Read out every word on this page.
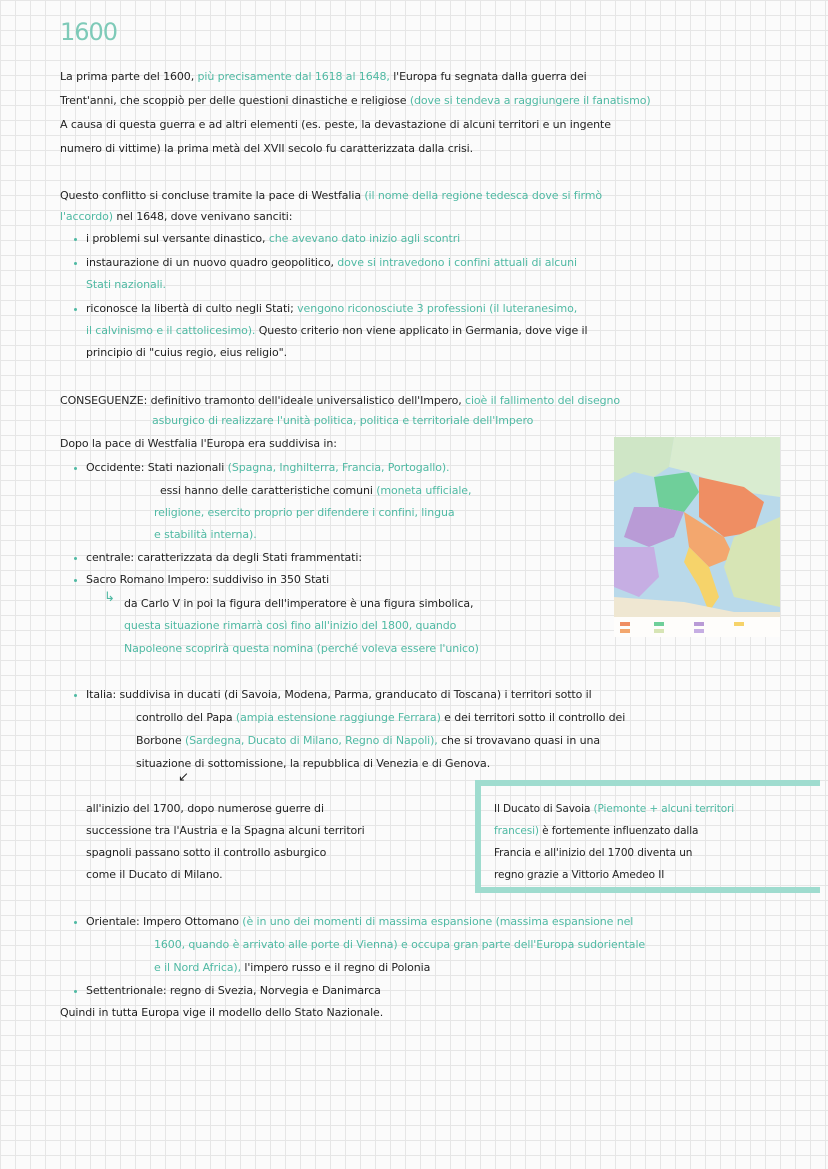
1600
La prima parte del 1600, più precisamente dal 1618 al 1648, l'Europa fu segnata dalla guerra dei
Trent'anni, che scoppiò per delle questioni dinastiche e religiose (dove si tendeva a raggiungere il fanatismo)
A causa di questa guerra e ad altri elementi (es. peste, la devastazione di alcuni territori e un ingente
numero di vittime) la prima metà del XVII secolo fu caratterizzata dalla crisi.
Questo conflitto si concluse tramite la pace di Westfalia (il nome della regione tedesca dove si firmò
l'accordo) nel 1648, dove venivano sanciti:
i problemi sul versante dinastico, che avevano dato inizio agli scontri
instaurazione di un nuovo quadro geopolitico, dove si intravedono i confini attuali di alcuni
Stati nazionali.
riconosce la libertà di culto negli Stati; vengono riconosciute 3 professioni (il luteranesimo,
il calvinismo e il cattolicesimo). Questo criterio non viene applicato in Germania, dove vige il
principio di "cuius regio, eius religio".
CONSEGUENZE: definitivo tramonto dell'ideale universalistico dell'Impero, cioè il fallimento del disegno
asburgico di realizzare l'unità politica, politica e territoriale dell'Impero
Dopo la pace di Westfalia l'Europa era suddivisa in:
Occidente: Stati nazionali (Spagna, Inghilterra, Francia, Portogallo).
essi hanno delle caratteristiche comuni (moneta ufficiale,
religione, esercito proprio per difendere i confini, lingua
e stabilità interna).
centrale: caratterizzata da degli Stati frammentati:
Sacro Romano Impero: suddiviso in 350 Stati
↳ da Carlo V in poi la figura dell'imperatore è una figura simbolica,
questa situazione rimarrà così fino all'inizio del 1800, quando
Napoleone scoprirà questa nomina (perché voleva essere l'unico)
Italia: suddivisa in ducati (di Savoia, Modena, Parma, granducato di Toscana) i territori sotto il
controllo del Papa (ampia estensione raggiunge Ferrara) e dei territori sotto il controllo dei
Borbone (Sardegna, Ducato di Milano, Regno di Napoli), che si trovavano quasi in una
situazione di sottomissione, la repubblica di Venezia e di Genova.
↙
all'inizio del 1700, dopo numerose guerre di
successione tra l'Austria e la Spagna alcuni territori
spagnoli passano sotto il controllo asburgico
come il Ducato di Milano.
Il Ducato di Savoia (Piemonte + alcuni territori
francesi) è fortemente influenzato dalla
Francia e all'inizio del 1700 diventa un
regno grazie a Vittorio Amedeo II
Orientale: Impero Ottomano (è in uno dei momenti di massima espansione (massima espansione nel
1600, quando è arrivato alle porte di Vienna) e occupa gran parte dell'Europa sudorientale
e il Nord Africa), l'impero russo e il regno di Polonia
Settentrionale: regno di Svezia, Norvegia e Danimarca
Quindi in tutta Europa vige il modello dello Stato Nazionale.
